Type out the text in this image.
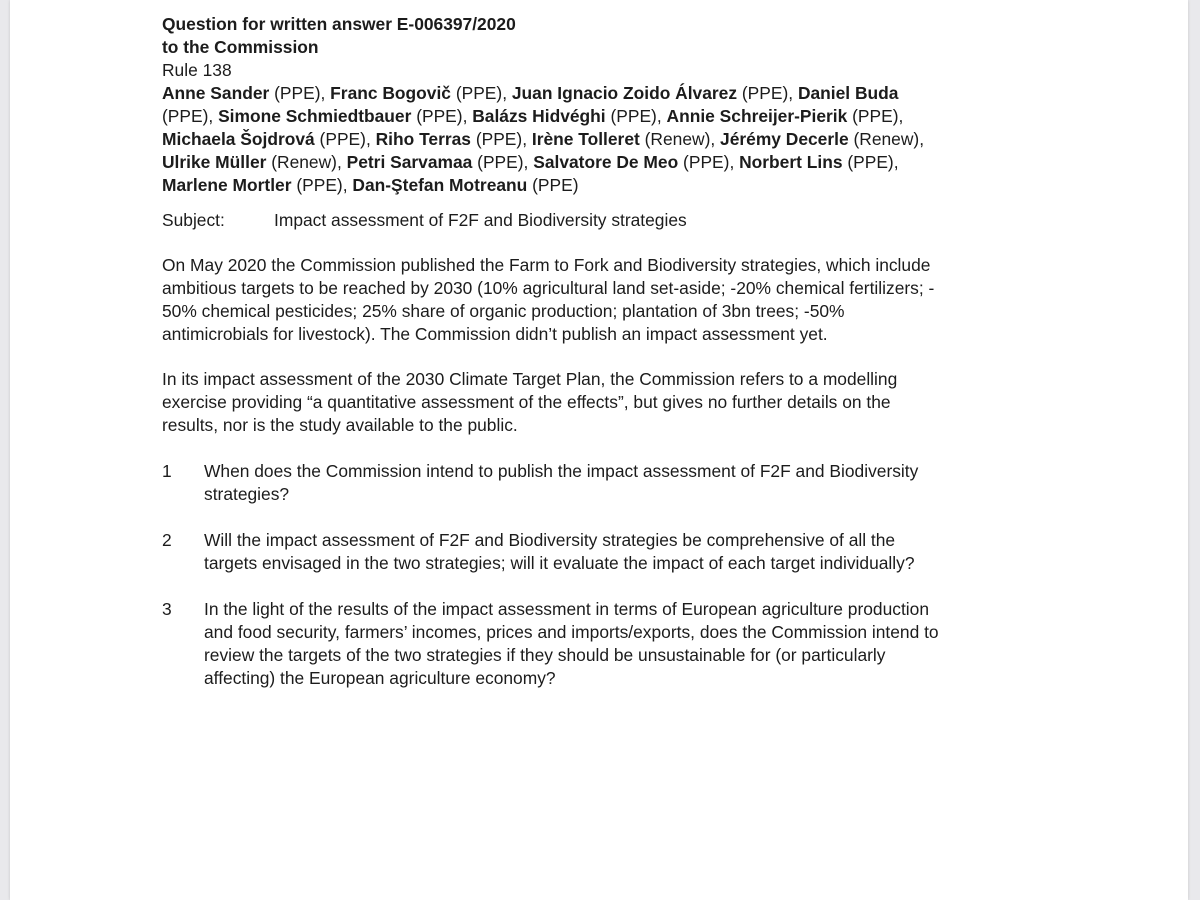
Question for written answer E-006397/2020
to the Commission
Rule 138
Anne Sander (PPE), Franc Bogovič (PPE), Juan Ignacio Zoido Álvarez (PPE), Daniel Buda
(PPE), Simone Schmiedtbauer (PPE), Balázs Hidvéghi (PPE), Annie Schreijer-Pierik (PPE),
Michaela Šojdrová (PPE), Riho Terras (PPE), Irène Tolleret (Renew), Jérémy Decerle (Renew),
Ulrike Müller (Renew), Petri Sarvamaa (PPE), Salvatore De Meo (PPE), Norbert Lins (PPE),
Marlene Mortler (PPE), Dan-Ştefan Motreanu (PPE)
Subject:	Impact assessment of F2F and Biodiversity strategies
On May 2020 the Commission published the Farm to Fork and Biodiversity strategies, which include
ambitious targets to be reached by 2030 (10% agricultural land set-aside; -20% chemical fertilizers; -
50% chemical pesticides; 25% share of organic production; plantation of 3bn trees; -50%
antimicrobials for livestock). The Commission didn’t publish an impact assessment yet.
In its impact assessment of the 2030 Climate Target Plan, the Commission refers to a modelling
exercise providing “a quantitative assessment of the effects”, but gives no further details on the
results, nor is the study available to the public.
1	When does the Commission intend to publish the impact assessment of F2F and Biodiversity
strategies?
2	Will the impact assessment of F2F and Biodiversity strategies be comprehensive of all the
targets envisaged in the two strategies; will it evaluate the impact of each target individually?
3	In the light of the results of the impact assessment in terms of European agriculture production
and food security, farmers’ incomes, prices and imports/exports, does the Commission intend to
review the targets of the two strategies if they should be unsustainable for (or particularly
affecting) the European agriculture economy?
